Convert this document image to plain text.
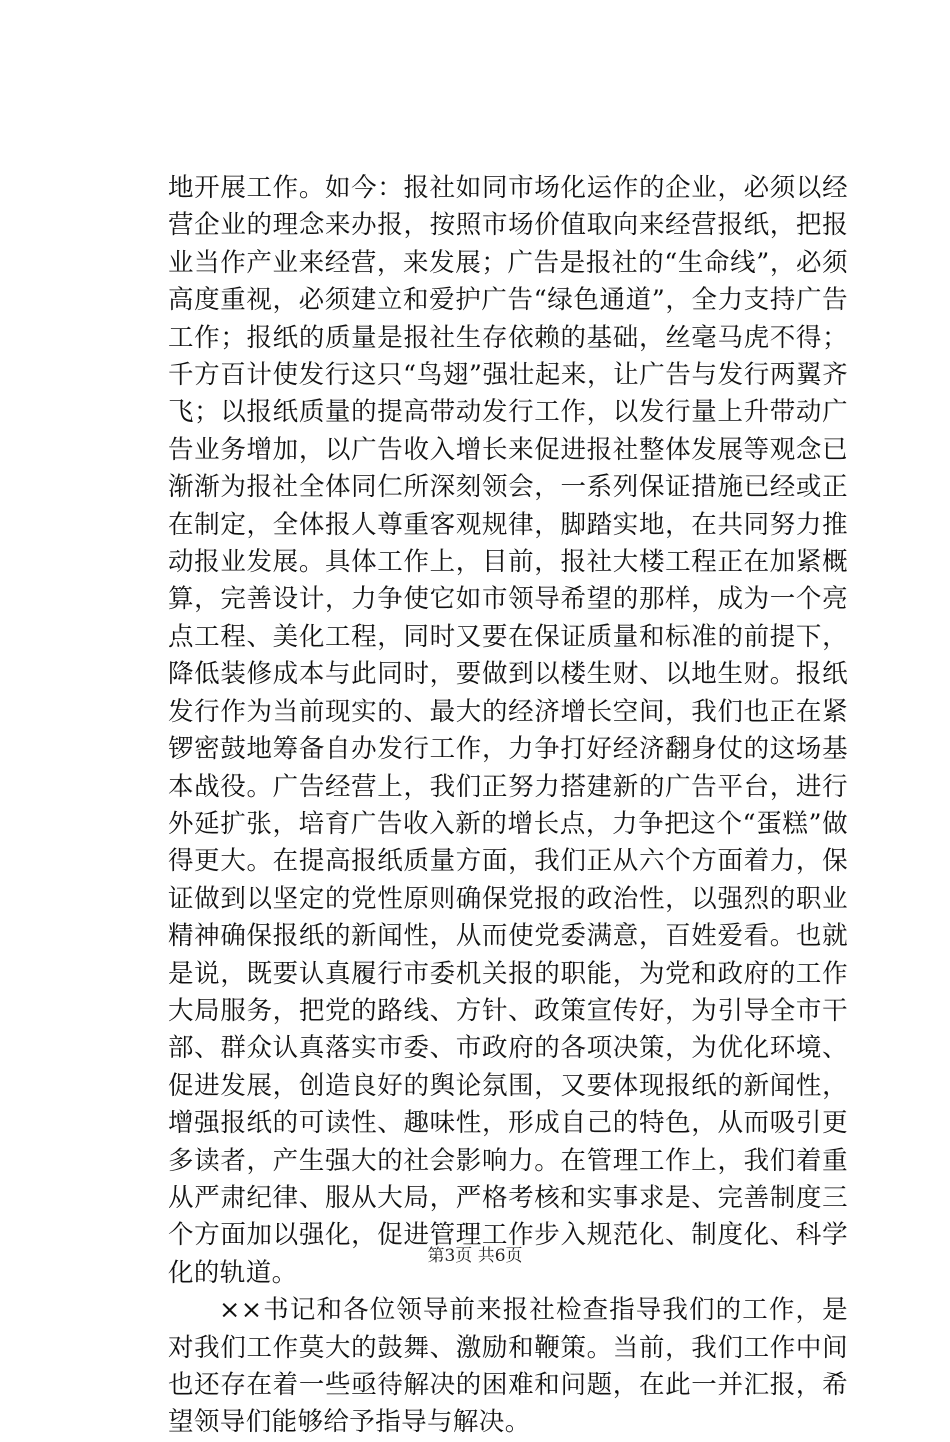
地开展工作。如今：报社如同市场化运作的企业，必须以经营企业的理念来办报，按照市场价值取向来经营报纸，把报业当作产业来经营，来发展；广告是报社的“生命线”，必须高度重视，必须建立和爱护广告“绿色通道”，全力支持广告工作；报纸的质量是报社生存依赖的基础，丝毫马虎不得；千方百计使发行这只“鸟翅”强壮起来，让广告与发行两翼齐飞；以报纸质量的提高带动发行工作，以发行量上升带动广告业务增加，以广告收入增长来促进报社整体发展等观念已渐渐为报社全体同仁所深刻领会，一系列保证措施已经或正在制定，全体报人尊重客观规律，脚踏实地，在共同努力推动报业发展。具体工作上，目前，报社大楼工程正在加紧概算，完善设计，力争使它如市领导希望的那样，成为一个亮点工程、美化工程，同时又要在保证质量和标准的前提下，降低装修成本与此同时，要做到以楼生财、以地生财。报纸发行作为当前现实的、最大的经济增长空间，我们也正在紧锣密鼓地筹备自办发行工作，力争打好经济翻身仗的这场基本战役。广告经营上，我们正努力搭建新的广告平台，进行外延扩张，培育广告收入新的增长点，力争把这个“蛋糕”做得更大。在提高报纸质量方面，我们正从六个方面着力，保证做到以坚定的党性原则确保党报的政治性，以强烈的职业精神确保报纸的新闻性，从而使党委满意，百姓爱看。也就是说，既要认真履行市委机关报的职能，为党和政府的工作大局服务，把党的路线、方针、政策宣传好，为引导全市干部、群众认真落实市委、市政府的各项决策，为优化环境、促进发展，创造良好的舆论氛围，又要体现报纸的新闻性，增强报纸的可读性、趣味性，形成自己的特色，从而吸引更多读者，产生强大的社会影响力。在管理工作上，我们着重从严肃纪律、服从大局，严格考核和实事求是、完善制度三个方面加以强化，促进管理工作步入规范化、制度化、科学化的轨道。

××书记和各位领导前来报社检查指导我们的工作，是对我们工作莫大的鼓舞、激励和鞭策。当前，我们工作中间也还存在着一些亟待解决的困难和问题，在此一并汇报，希望领导们能够给予指导与解决。

第3页 共6页
